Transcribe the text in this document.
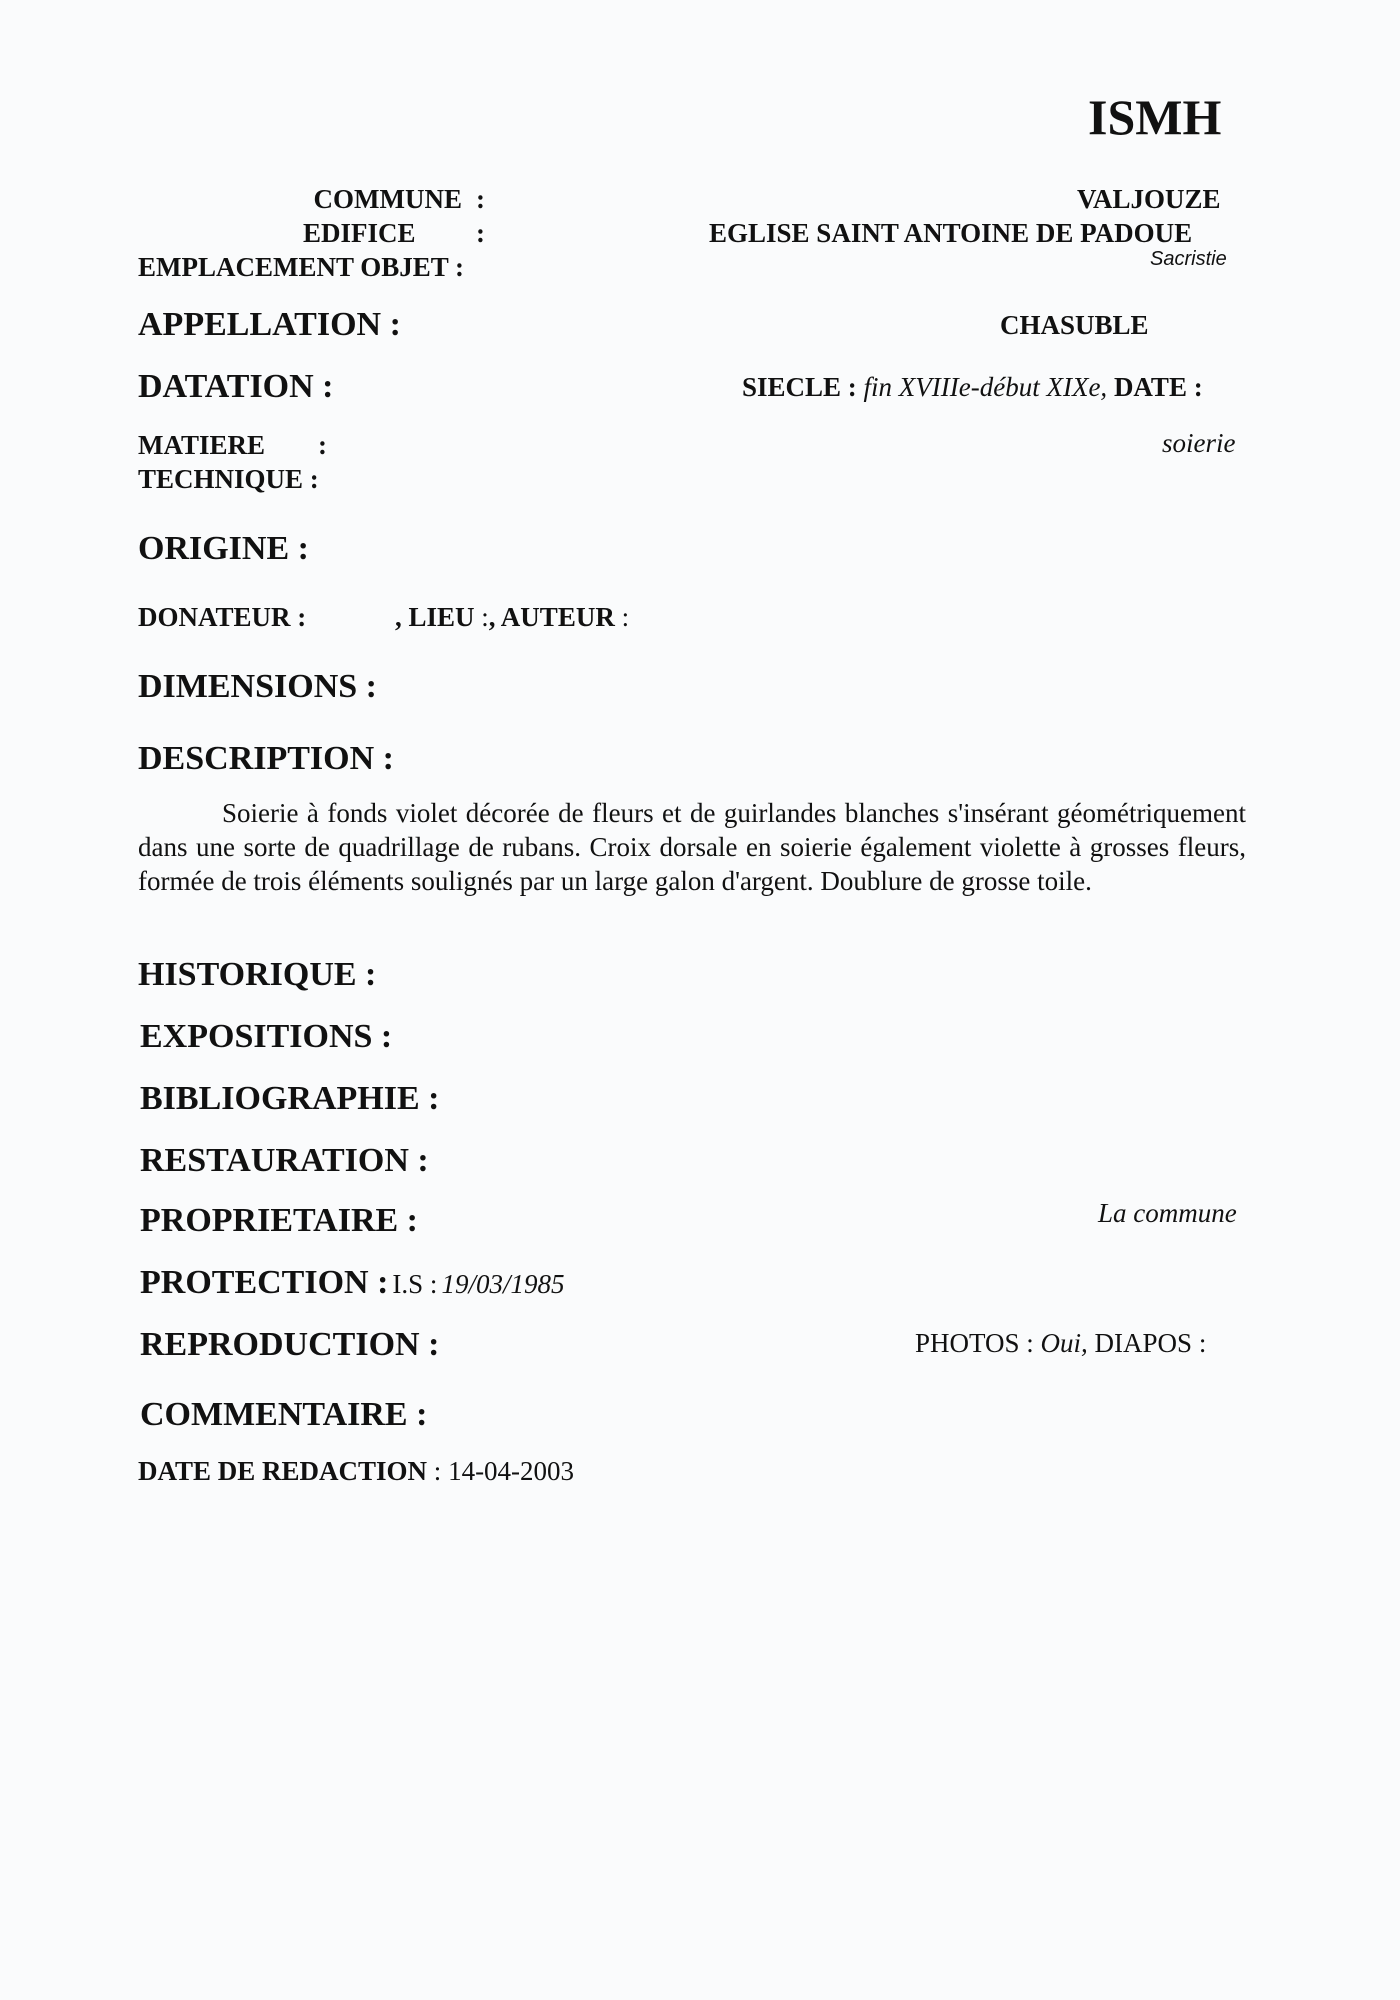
ISMH
COMMUNE :	VALJOUZE
EDIFICE :	EGLISE SAINT ANTOINE DE PADOUE
EMPLACEMENT OBJET :	Sacristie
APPELLATION :	CHASUBLE
DATATION :	SIECLE : fin XVIIIe-début XIXe, DATE :
MATIERE :	soierie
TECHNIQUE :
ORIGINE :
DONATEUR :	, LIEU :, AUTEUR :
DIMENSIONS :
DESCRIPTION :
Soierie à fonds violet décorée de fleurs et de guirlandes blanches s'insérant géométriquement dans une sorte de quadrillage de rubans. Croix dorsale en soierie également violette à grosses fleurs, formée de trois éléments soulignés par un large galon d'argent. Doublure de grosse toile.
HISTORIQUE :
EXPOSITIONS :
BIBLIOGRAPHIE :
RESTAURATION :
PROPRIETAIRE :	La commune
PROTECTION : I.S : 19/03/1985
REPRODUCTION :	PHOTOS : Oui, DIAPOS :
COMMENTAIRE :
DATE DE REDACTION : 14-04-2003
